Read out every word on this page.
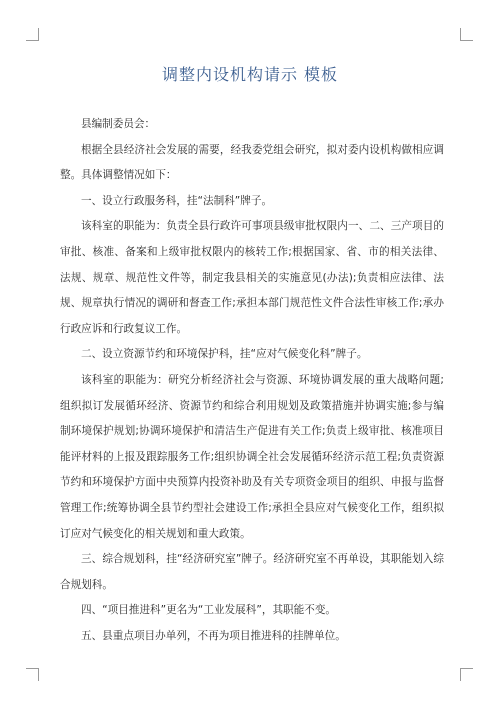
调整内设机构请示 模板

县编制委员会：

根据全县经济社会发展的需要，经我委党组会研究，拟对委内设机构做相应调整。具体调整情况如下：

一、设立行政服务科，挂“法制科”牌子。

该科室的职能为：负责全县行政许可事项县级审批权限内一、二、三产项目的审批、核准、备案和上级审批权限内的核转工作;根据国家、省、市的相关法律、法规、规章、规范性文件等，制定我县相关的实施意见(办法);负责相应法律、法规、规章执行情况的调研和督查工作;承担本部门规范性文件合法性审核工作;承办行政应诉和行政复议工作。

二、设立资源节约和环境保护科，挂“应对气候变化科”牌子。

该科室的职能为：研究分析经济社会与资源、环境协调发展的重大战略问题;组织拟订发展循环经济、资源节约和综合利用规划及政策措施并协调实施;参与编制环境保护规划;协调环境保护和清洁生产促进有关工作;负责上级审批、核准项目能评材料的上报及跟踪服务工作;组织协调全社会发展循环经济示范工程;负责资源节约和环境保护方面中央预算内投资补助及有关专项资金项目的组织、申报与监督管理工作;统筹协调全县节约型社会建设工作;承担全县应对气候变化工作，组织拟订应对气候变化的相关规划和重大政策。

三、综合规划科，挂“经济研究室”牌子。经济研究室不再单设，其职能划入综合规划科。

四、“项目推进科”更名为“工业发展科”，其职能不变。

五、县重点项目办单列，不再为项目推进科的挂牌单位。
